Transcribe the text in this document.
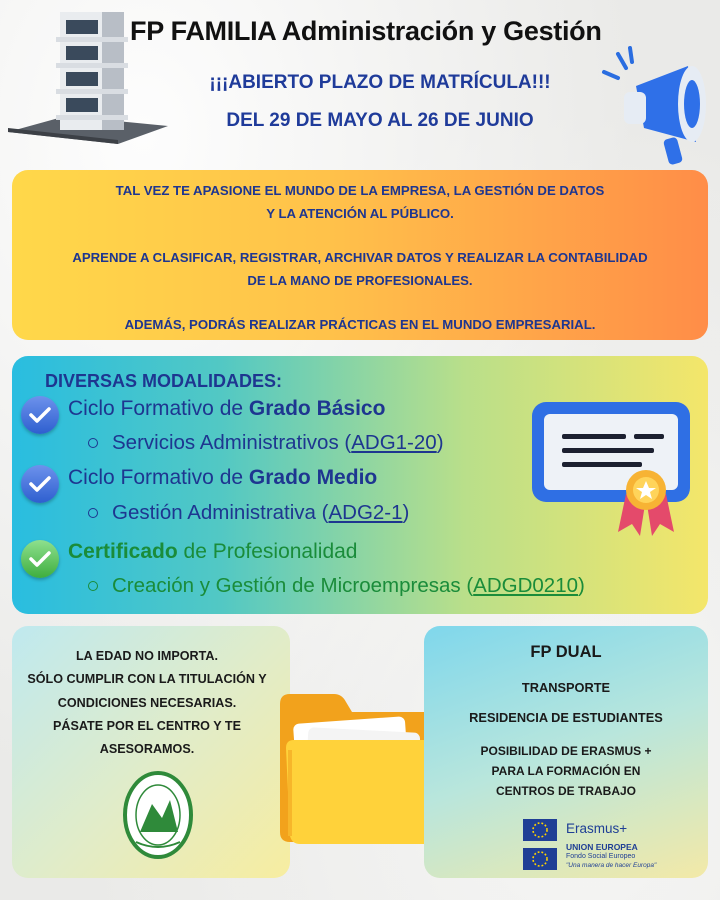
FP FAMILIA Administración y Gestión
¡¡¡ABIERTO PLAZO DE MATRÍCULA!!!
DEL 29 DE MAYO AL 26 DE JUNIO
TAL VEZ TE APASIONE EL MUNDO DE LA EMPRESA, LA GESTIÓN DE DATOS
Y LA ATENCIÓN AL PÚBLICO.
APRENDE A CLASIFICAR, REGISTRAR, ARCHIVAR DATOS Y REALIZAR LA CONTABILIDAD
DE LA MANO DE PROFESIONALES.
ADEMÁS, PODRÁS REALIZAR PRÁCTICAS EN EL MUNDO EMPRESARIAL.
DIVERSAS MODALIDADES:
Ciclo Formativo de Grado Básico
Servicios Administrativos (ADG1-20)
Ciclo Formativo de Grado Medio
Gestión Administrativa (ADG2-1)
Certificado de Profesionalidad
Creación y Gestión de Microempresas (ADGD0210)
LA EDAD NO IMPORTA.
SÓLO CUMPLIR CON LA TITULACIÓN Y
CONDICIONES NECESARIAS.
PÁSATE POR EL CENTRO Y TE
ASESORAMOS.
FP DUAL
TRANSPORTE
RESIDENCIA DE ESTUDIANTES
POSIBILIDAD DE ERASMUS +
PARA LA FORMACIÓN EN
CENTROS DE TRABAJO
Erasmus+
UNION EUROPEA
Fondo Social Europeo
"Una manera de hacer Europa"
